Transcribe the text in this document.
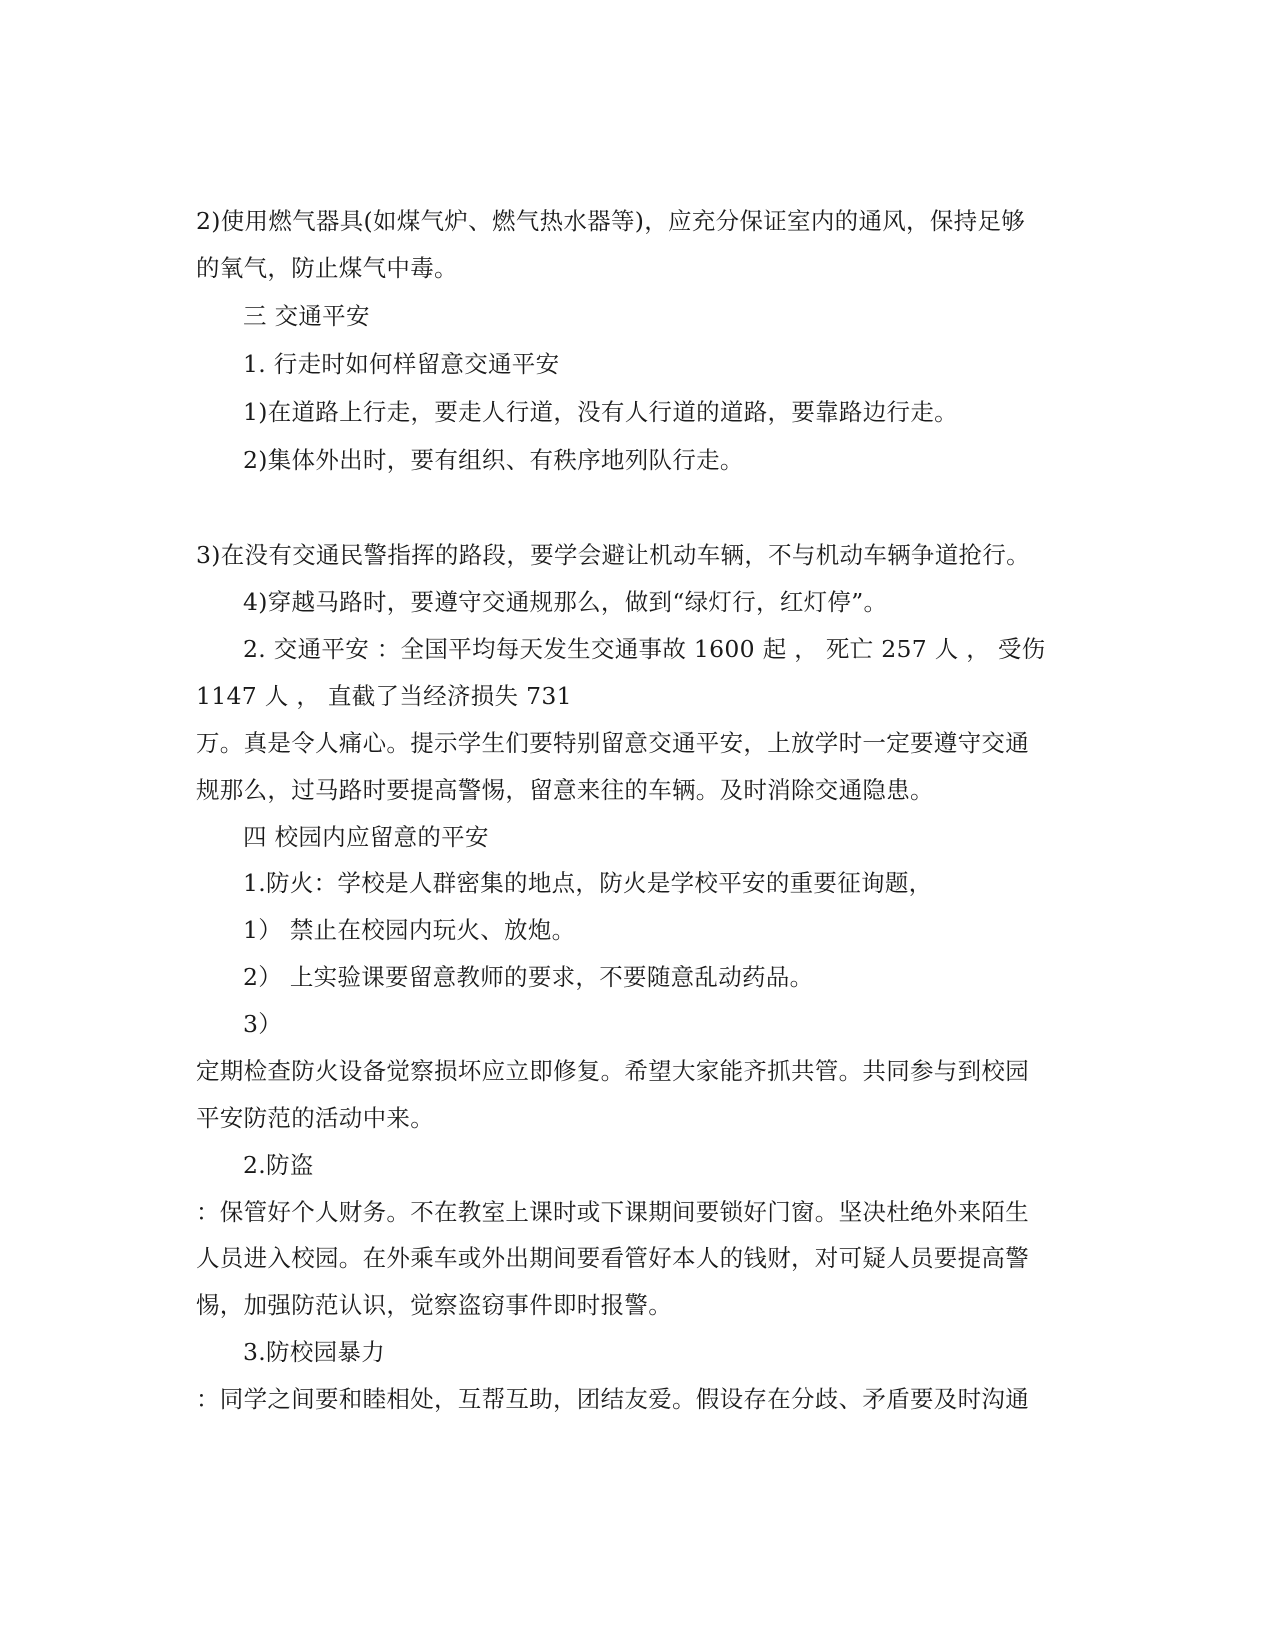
2)使用燃气器具(如煤气炉、燃气热水器等)，应充分保证室内的通风，保持足够
的氧气，防止煤气中毒。
三 交通平安
1. 行走时如何样留意交通平安
1)在道路上行走，要走人行道，没有人行道的道路，要靠路边行走。
2)集体外出时，要有组织、有秩序地列队行走。
3)在没有交通民警指挥的路段，要学会避让机动车辆，不与机动车辆争道抢行。
4)穿越马路时，要遵守交通规那么，做到“绿灯行，红灯停”。
2. 交通平安 ：全国平均每天发生交通事故 1600 起 ， 死亡 257 人 ， 受伤
1147 人 ， 直截了当经济损失 731
万。真是令人痛心。提示学生们要特别留意交通平安，上放学时一定要遵守交通
规那么，过马路时要提高警惕，留意来往的车辆。及时消除交通隐患。
四 校园内应留意的平安
1.防火：学校是人群密集的地点，防火是学校平安的重要征询题，
1） 禁止在校园内玩火、放炮。
2） 上实验课要留意教师的要求，不要随意乱动药品。
3）
定期检查防火设备觉察损坏应立即修复。希望大家能齐抓共管。共同参与到校园
平安防范的活动中来。
2.防盗
：保管好个人财务。不在教室上课时或下课期间要锁好门窗。坚决杜绝外来陌生
人员进入校园。在外乘车或外出期间要看管好本人的钱财，对可疑人员要提高警
惕，加强防范认识，觉察盗窃事件即时报警。
3.防校园暴力
：同学之间要和睦相处，互帮互助，团结友爱。假设存在分歧、矛盾要及时沟通
